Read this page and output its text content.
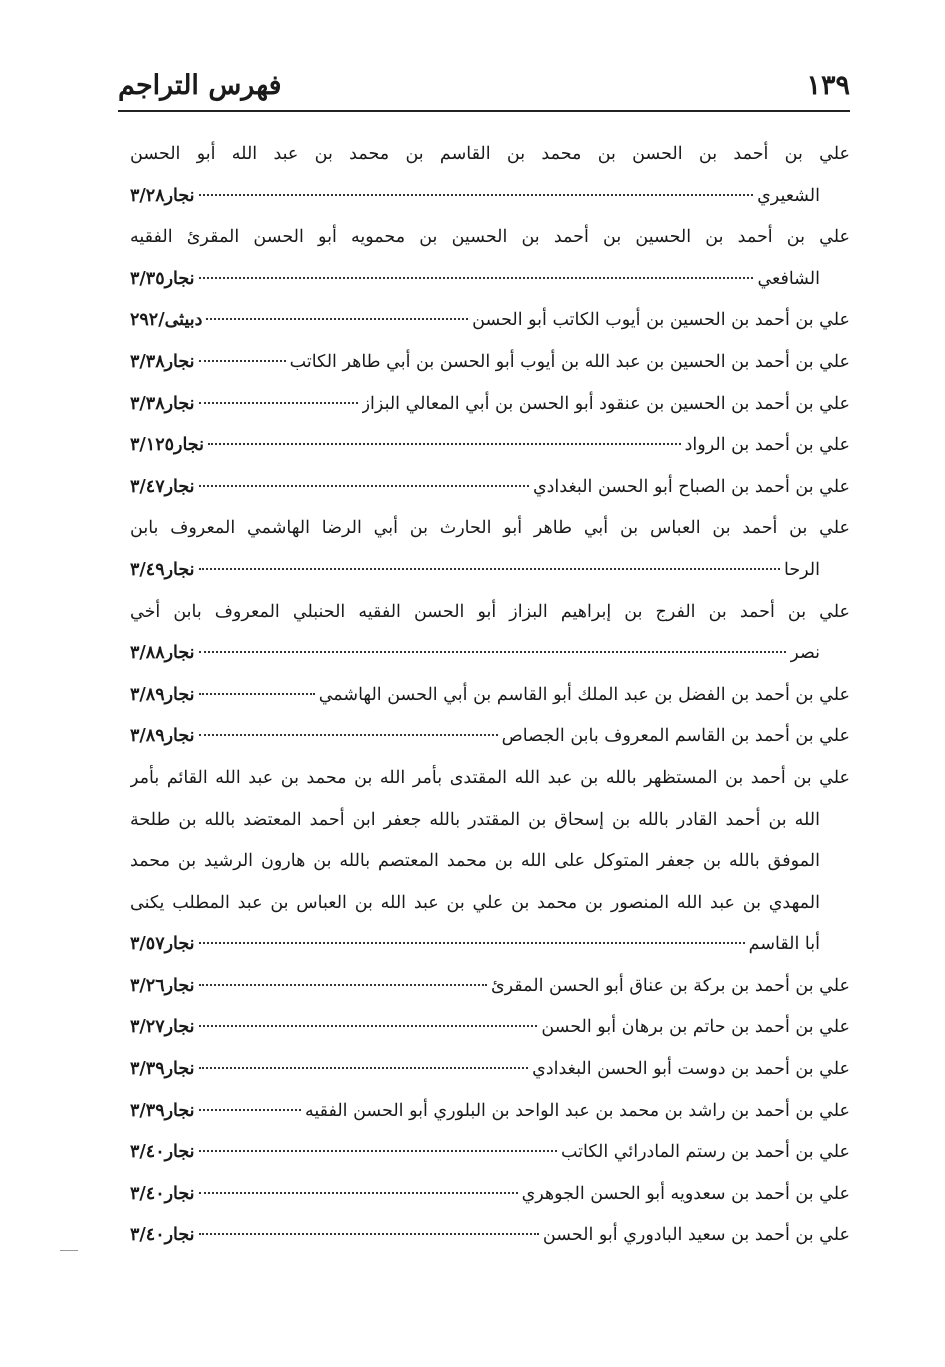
فهرس التراجم	١٣٩
علي بن أحمد بن الحسن بن محمد بن القاسم بن محمد بن عبد الله أبو الحسن
الشعيري
نجار٣/٢٨
علي بن أحمد بن الحسين بن أحمد بن الحسين بن محمويه أبو الحسن المقرئ الفقيه
الشافعي
نجار٣/٣٥
علي بن أحمد بن الحسين بن أيوب الكاتب أبو الحسن
دبيثى/٢٩٢
علي بن أحمد بن الحسين بن عبد الله بن أيوب أبو الحسن بن أبي طاهر الكاتب
نجار٣/٣٨
علي بن أحمد بن الحسين بن عنقود أبو الحسن بن أبي المعالي البزاز
نجار٣/٣٨
علي بن أحمد بن الرواد
نجار٣/١٢٥
علي بن أحمد بن الصباح أبو الحسن البغدادي
نجار٣/٤٧
علي بن أحمد بن العباس بن أبي طاهر أبو الحارث بن أبي الرضا الهاشمي المعروف بابن
الرحا
نجار٣/٤٩
علي بن أحمد بن الفرج بن إبراهيم البزاز أبو الحسن الفقيه الحنبلي المعروف بابن أخي
نصر
نجار٣/٨٨
علي بن أحمد بن الفضل بن عبد الملك أبو القاسم بن أبي الحسن الهاشمي
نجار٣/٨٩
علي بن أحمد بن القاسم المعروف بابن الجصاص
نجار٣/٨٩
علي بن أحمد بن المستظهر بالله بن عبد الله المقتدى بأمر الله بن محمد بن عبد الله القائم بأمر
الله بن أحمد القادر بالله بن إسحاق بن المقتدر بالله جعفر ابن أحمد المعتضد بالله بن طلحة
الموفق بالله بن جعفر المتوكل على الله بن محمد المعتصم بالله بن هارون الرشيد بن محمد
المهدي بن عبد الله المنصور بن محمد بن علي بن عبد الله بن العباس بن عبد المطلب يكنى
أبا القاسم
نجار٣/٥٧
علي بن أحمد بن بركة بن عناق أبو الحسن المقرئ
نجار٣/٢٦
علي بن أحمد بن حاتم بن برهان أبو الحسن
نجار٣/٢٧
علي بن أحمد بن دوست أبو الحسن البغدادي
نجار٣/٣٩
علي بن أحمد بن راشد بن محمد بن عبد الواحد بن البلوري أبو الحسن الفقيه
نجار٣/٣٩
علي بن أحمد بن رستم المادرائي الكاتب
نجار٣/٤٠
علي بن أحمد بن سعدويه أبو الحسن الجوهري
نجار٣/٤٠
علي بن أحمد بن سعيد البادوري أبو الحسن
نجار٣/٤٠
